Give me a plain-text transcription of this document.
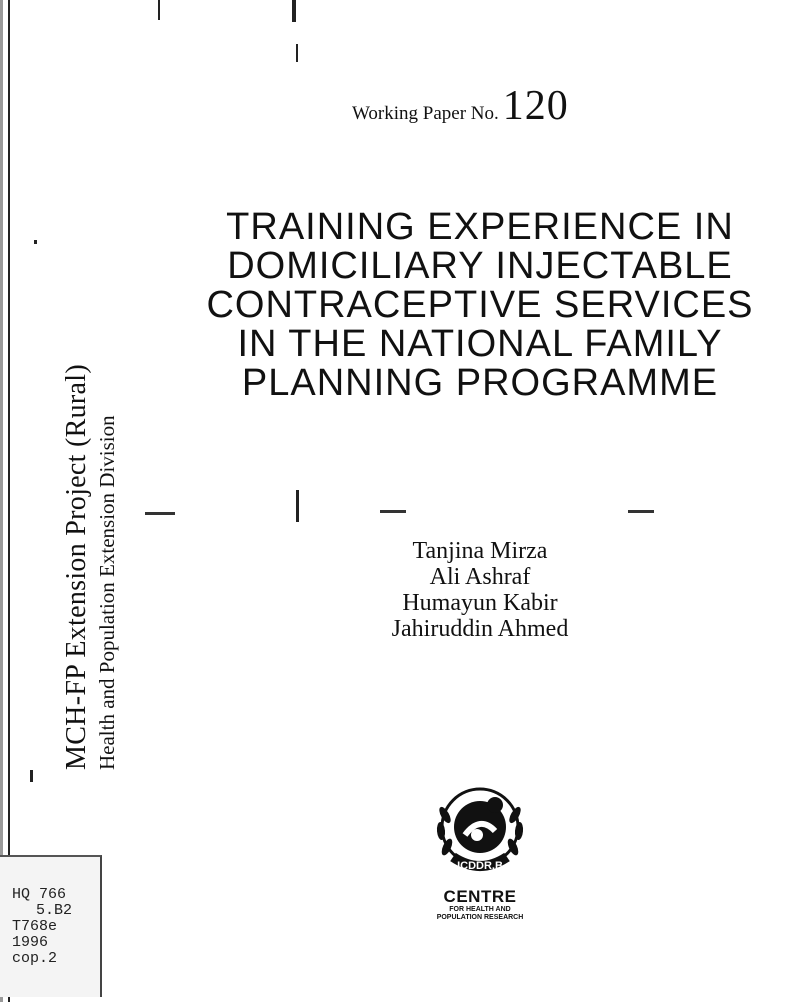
MCH-FP Extension Project (Rural) Health and Population Extension Division
Working Paper No. 120
TRAINING EXPERIENCE IN
DOMICILIARY INJECTABLE
CONTRACEPTIVE SERVICES
IN THE NATIONAL FAMILY
PLANNING PROGRAMME
Tanjina Mirza
Ali Ashraf
Humayun Kabir
Jahiruddin Ahmed
ICDDR,B
CENTRE
FOR HEALTH AND
POPULATION RESEARCH
HQ 766
5.B2
T768e
1996
cop.2
